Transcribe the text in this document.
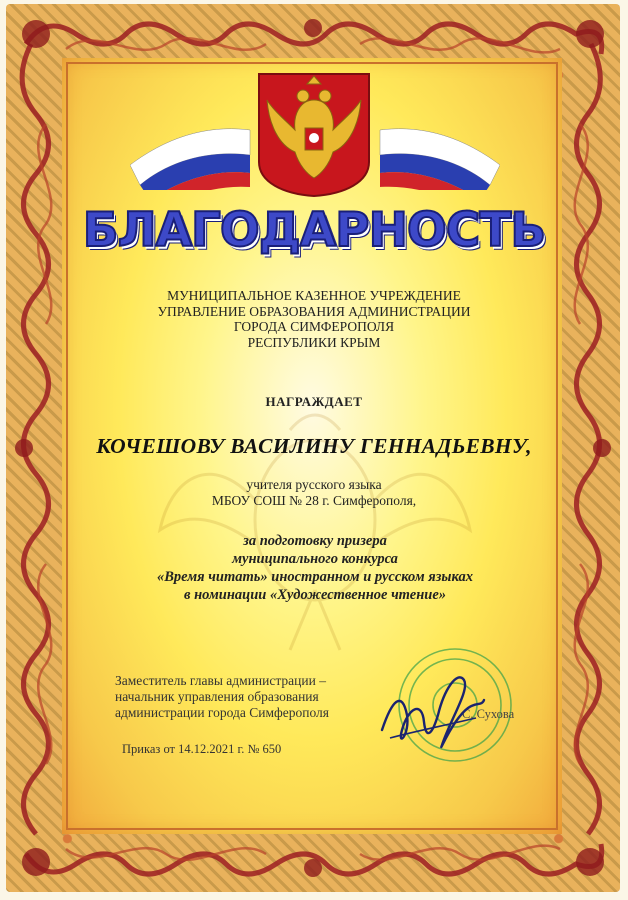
БЛАГОДАРНОСТЬ
МУНИЦИПАЛЬНОЕ КАЗЕННОЕ УЧРЕЖДЕНИЕ
УПРАВЛЕНИЕ ОБРАЗОВАНИЯ АДМИНИСТРАЦИИ
ГОРОДА СИМФЕРОПОЛЯ
РЕСПУБЛИКИ КРЫМ
НАГРАЖДАЕТ
КОЧЕШОВУ ВАСИЛИНУ ГЕННАДЬЕВНУ,
учителя русского языка
МБОУ СОШ № 28 г. Симферополя,
за подготовку призера
муниципального конкурса
«Время читать» иностранном и русском языках
в номинации «Художественное чтение»
Заместитель главы администрации –
начальник управления образования
администрации города Симферополя	С. Сухова
Приказ от 14.12.2021 г. № 650
